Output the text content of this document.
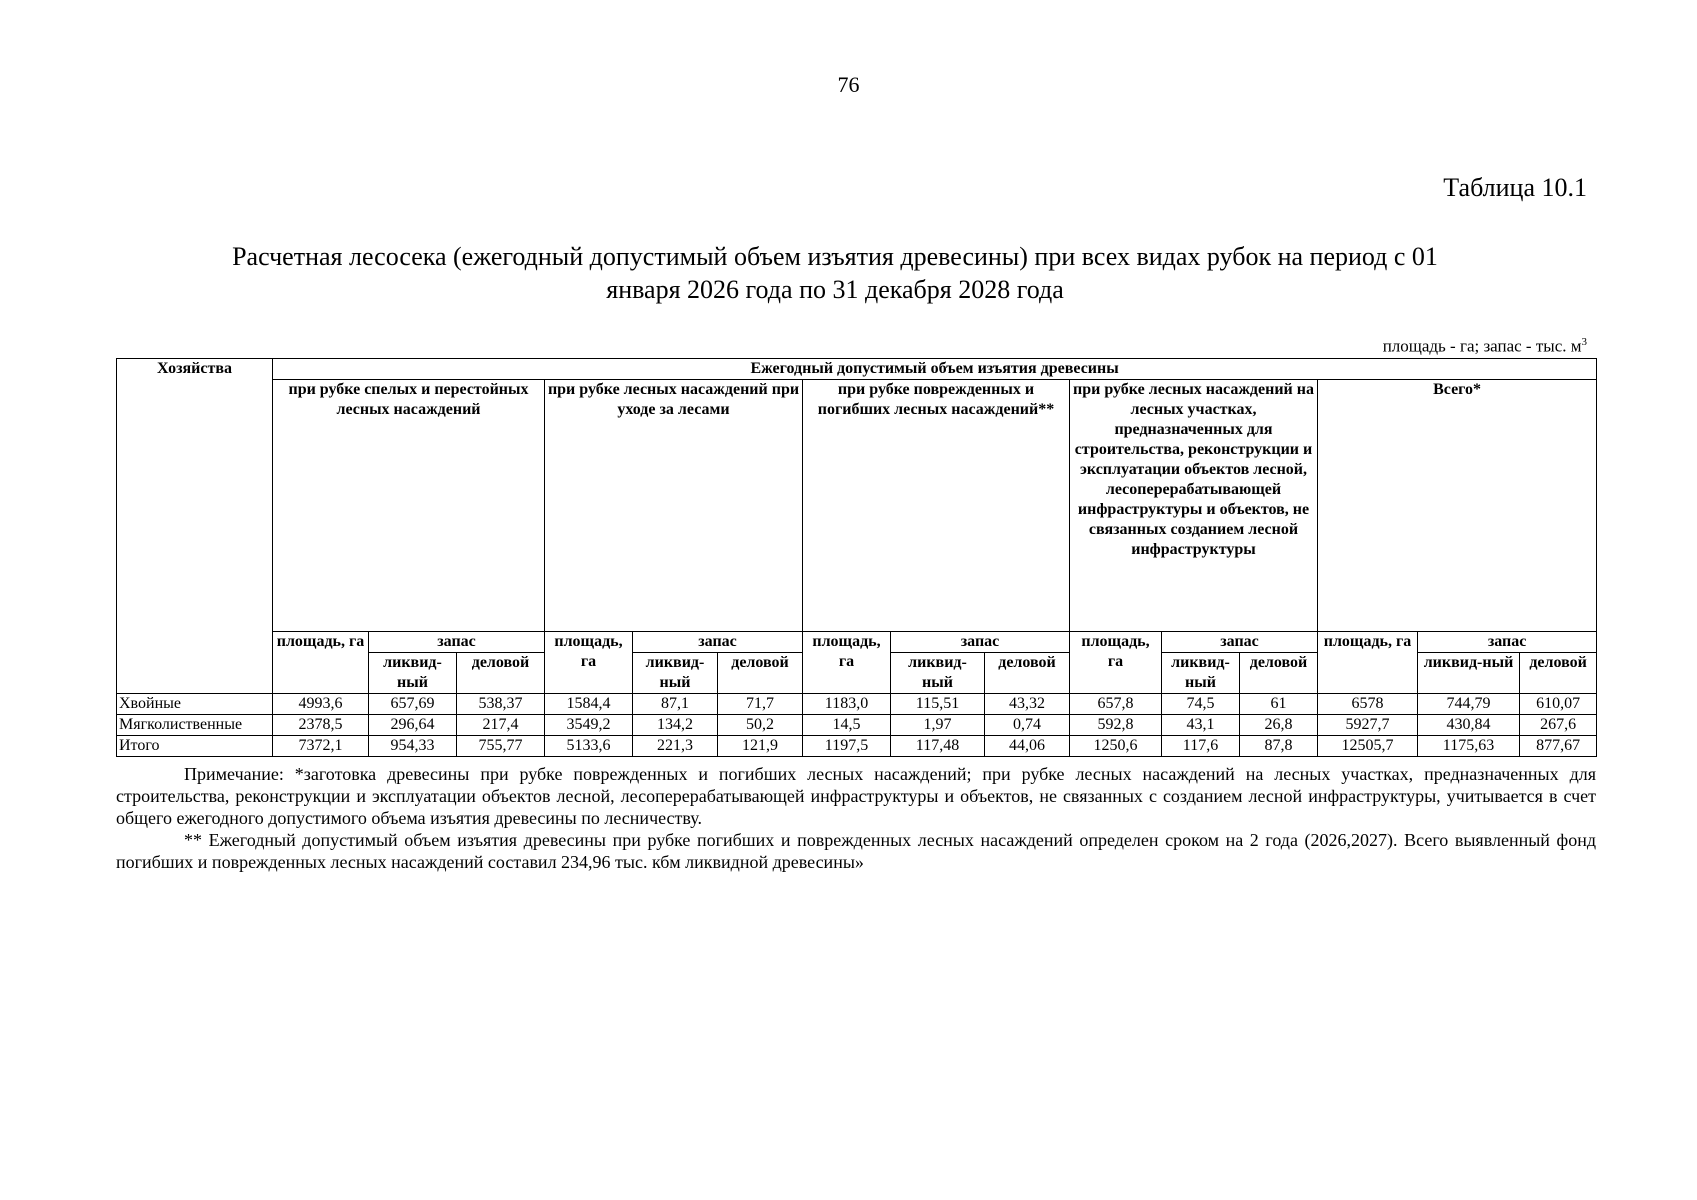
76
Таблица 10.1
Расчетная лесосека (ежегодный допустимый объем изъятия древесины) при всех видах рубок на период с 01 января 2026 года по 31 декабря 2028 года
площадь - га; запас - тыс. $м^3$
Хозяйства	Ежегодный допустимый объем изъятия древесины														
	при рубке спелых и перестойных лесных насаждений			при рубке лесных насаждений при уходе за лесами			при рубке поврежденных и погибших лесных насаждений**			при рубке лесных насаждений на лесных участках, предназначенных для строительства, реконструкции и эксплуатации объектов лесной, лесоперерабатывающей инфраструктуры и объектов, не связанных созданием лесной инфраструктуры			Всего*		
	площадь, га	запас		площадь, га	запас		площадь, га	запас		площадь, га	запас		площадь, га	запас	
		ликвид-ный	деловой		ликвид-ный	деловой		ликвид-ный	деловой		ликвид-ный	деловой		ликвид-ный	деловой
Хвойные	4993,6	657,69	538,37	1584,4	87,1	71,7	1183,0	115,51	43,32	657,8	74,5	61	6578	744,79	610,07
Мягколиственные	2378,5	296,64	217,4	3549,2	134,2	50,2	14,5	1,97	0,74	592,8	43,1	26,8	5927,7	430,84	267,6
Итого	7372,1	954,33	755,77	5133,6	221,3	121,9	1197,5	117,48	44,06	1250,6	117,6	87,8	12505,7	1175,63	877,67

Примечание: *заготовка древесины при рубке поврежденных и погибших лесных насаждений; при рубке лесных насаждений на лесных участках, предназначенных для строительства, реконструкции и эксплуатации объектов лесной, лесоперерабатывающей инфраструктуры и объектов, не связанных с созданием лесной инфраструктуры, учитывается в счет общего ежегодного допустимого объема изъятия древесины по лесничеству.

** Ежегодный допустимый объем изъятия древесины при рубке погибших и поврежденных лесных насаждений определен сроком на 2 года (2026,2027). Всего выявленный фонд погибших и поврежденных лесных насаждений составил 234,96 тыс. кбм ликвидной древесины»
